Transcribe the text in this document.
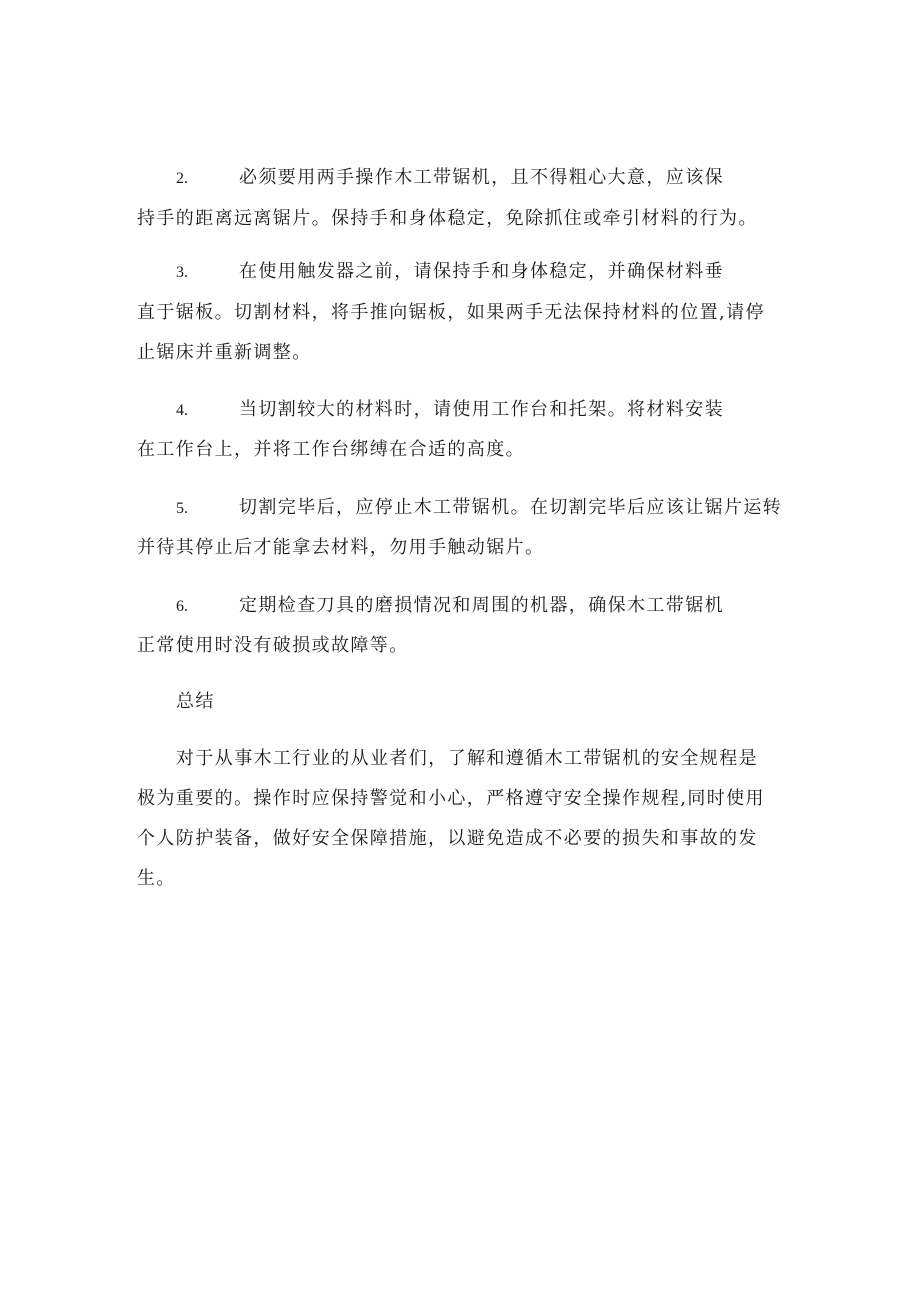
2.	必须要用两手操作木工带锯机，且不得粗心大意，应该保
持手的距离远离锯片。保持手和身体稳定，免除抓住或牵引材料的行为。
3.	在使用触发器之前，请保持手和身体稳定，并确保材料垂
直于锯板。切割材料，将手推向锯板，如果两手无法保持材料的位置,请停
止锯床并重新调整。
4.	当切割较大的材料时，请使用工作台和托架。将材料安装
在工作台上，并将工作台绑缚在合适的高度。
5.	切割完毕后，应停止木工带锯机。在切割完毕后应该让锯片运转
并待其停止后才能拿去材料，勿用手触动锯片。
6.	定期检查刀具的磨损情况和周围的机器，确保木工带锯机
正常使用时没有破损或故障等。
总结
对于从事木工行业的从业者们，了解和遵循木工带锯机的安全规程是
极为重要的。操作时应保持警觉和小心，严格遵守安全操作规程,同时使用
个人防护装备，做好安全保障措施，以避免造成不必要的损失和事故的发
生。
